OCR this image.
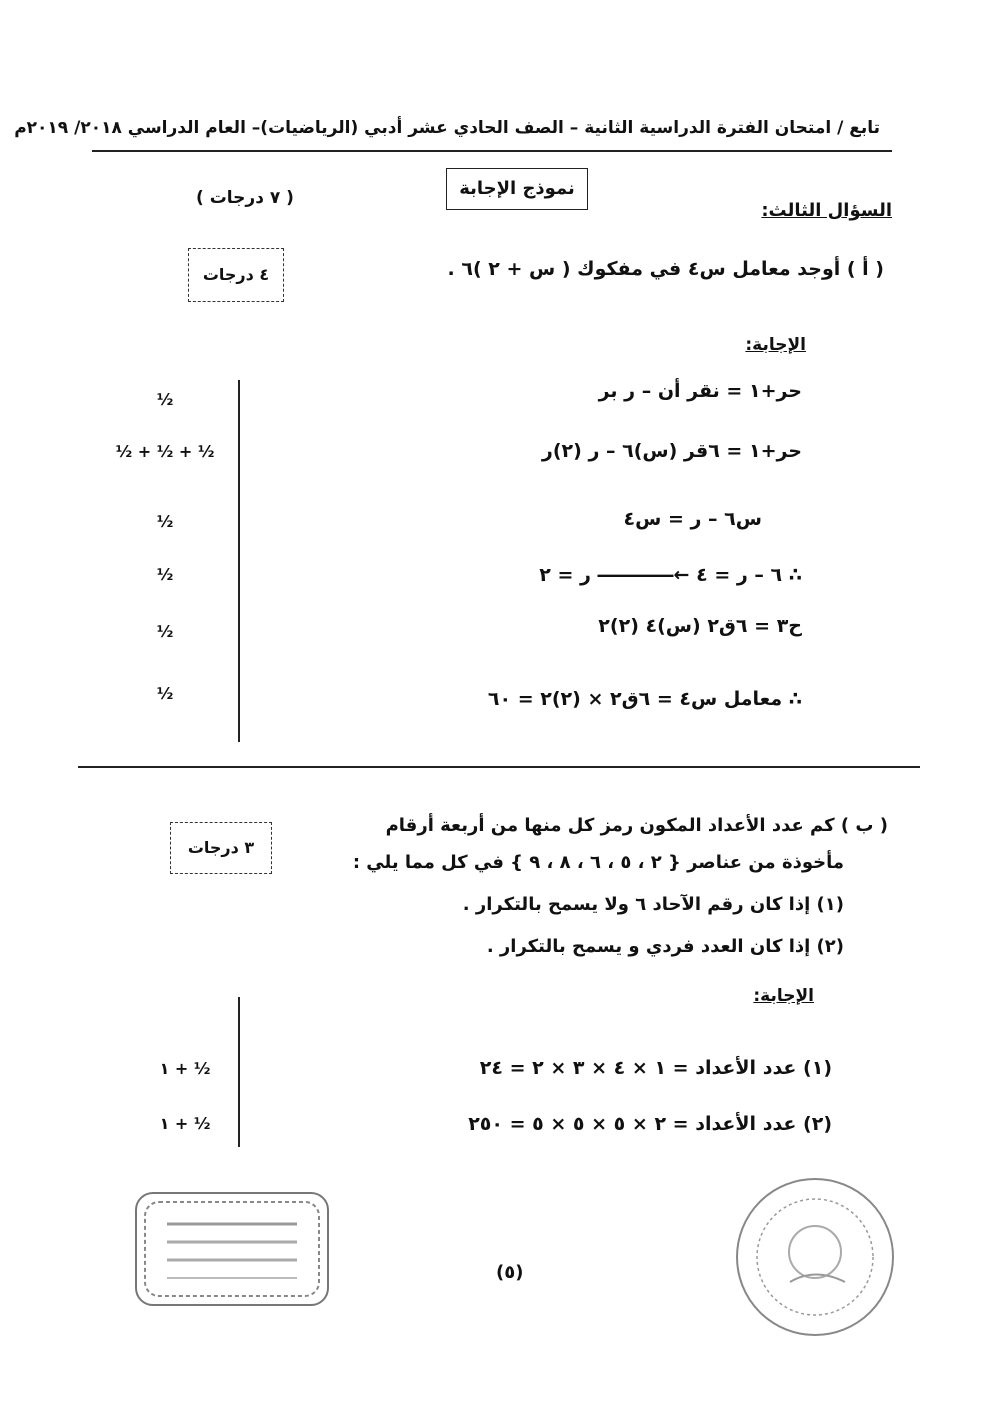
تابع / امتحان الفترة الدراسية الثانية – الصف الحادي عشر أدبي (الرياضيات)– العام الدراسي ٢٠١٨/ ٢٠١٩م
نموذج الإجابة
السؤال الثالث:
( ٧ درجات )
٤ درجات	( أ ) أوجد معامل س٤ في مفكوك ( س + ٢ )٦ .
الإجابة:
حر+١ = نقر أن – ر بر
حر+١ = ٦قر (س)٦ – ر (٢)ر
س٦ – ر = س٤
∴ ٦ – ر = ٤ ←―――― ر = ٢
ح٣ = ٦ق٢ (س)٤ (٢)٢
∴ معامل س٤ = ٦ق٢ × (٢)٢ = ٦٠
½
½ + ½ + ½
½
½
½
½
٣ درجات
( ب ) كم عدد الأعداد المكون رمز كل منها من أربعة أرقام
مأخوذة من عناصر { ٢ ، ٥ ، ٦ ، ٨ ، ٩ } في كل مما يلي :
(١) إذا كان رقم الآحاد ٦ ولا يسمح بالتكرار .
(٢) إذا كان العدد فردي و يسمح بالتكرار .
الإجابة:
(١) عدد الأعداد = ١ × ٤ × ٣ × ٢ = ٢٤
(٢) عدد الأعداد = ٢ × ٥ × ٥ × ٥ = ٢٥٠
١ + ½
١ + ½
(٥)
